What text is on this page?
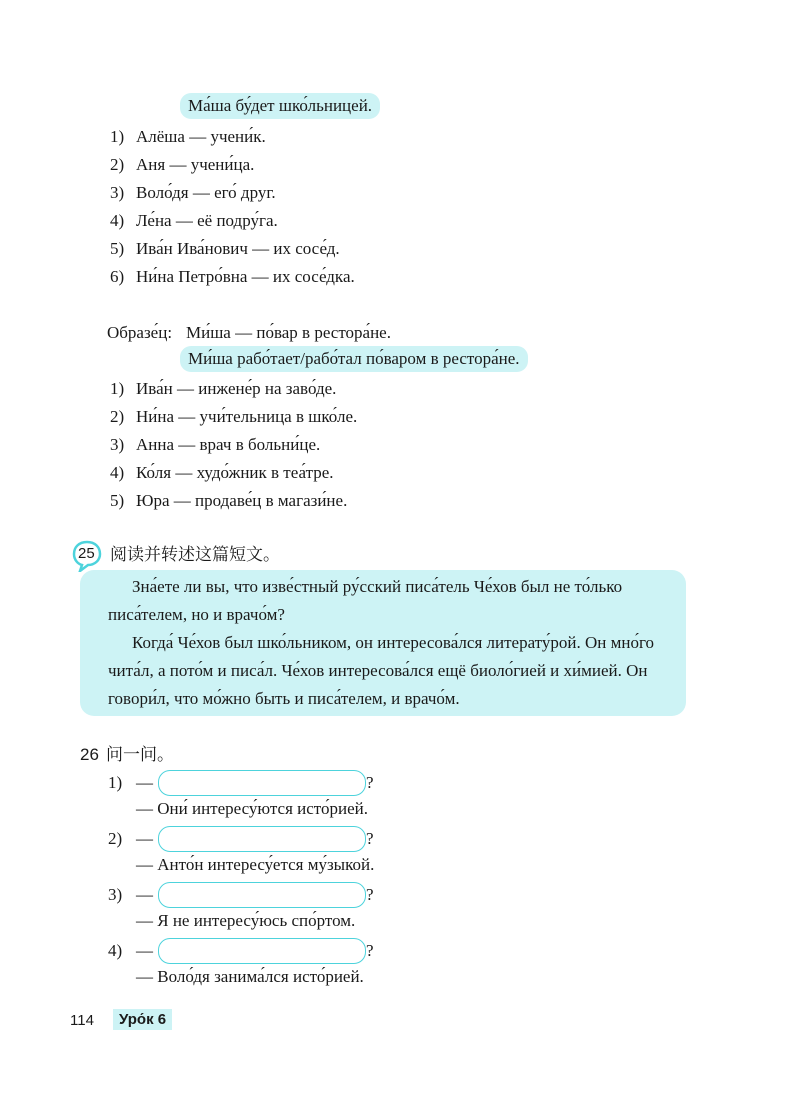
Ма́ша бу́дет шко́льницей.
1) Алёша — учени́к.
2) Аня — учени́ца.
3) Воло́дя — его́ друг.
4) Ле́на — её подру́га.
5) Ива́н Ива́нович — их сосе́д.
6) Ни́на Петро́вна — их сосе́дка.
Образе́ц: Ми́ша — по́вар в рестора́не.
Ми́ша рабо́тает/рабо́тал по́варом в рестора́не.
1) Ива́н — инжене́р на заво́де.
2) Ни́на — учи́тельница в шко́ле.
3) Анна — врач в больни́це.
4) Ко́ля — худо́жник в теа́тре.
5) Юра — продаве́ц в магази́не.
25 阅读并转述这篇短文。
Зна́ете ли вы, что изве́стный ру́сский писа́тель Че́хов был не то́лько
писа́телем, но и врачо́м?
Когда́ Че́хов был шко́льником, он интересова́лся литерату́рой. Он мно́го
чита́л, а пото́м и писа́л. Че́хов интересова́лся ещё биоло́гией и хи́мией. Он
говори́л, что мо́жно быть и писа́телем, и врачо́м.
26 问一问。
1) —	?
— Они́ интересу́ются исто́рией.
2) —	?
— Анто́н интересу́ется му́зыкой.
3) —	?
— Я не интересу́юсь спо́ртом.
4) —	?
— Воло́дя занима́лся исто́рией.
114	Уро́к 6
